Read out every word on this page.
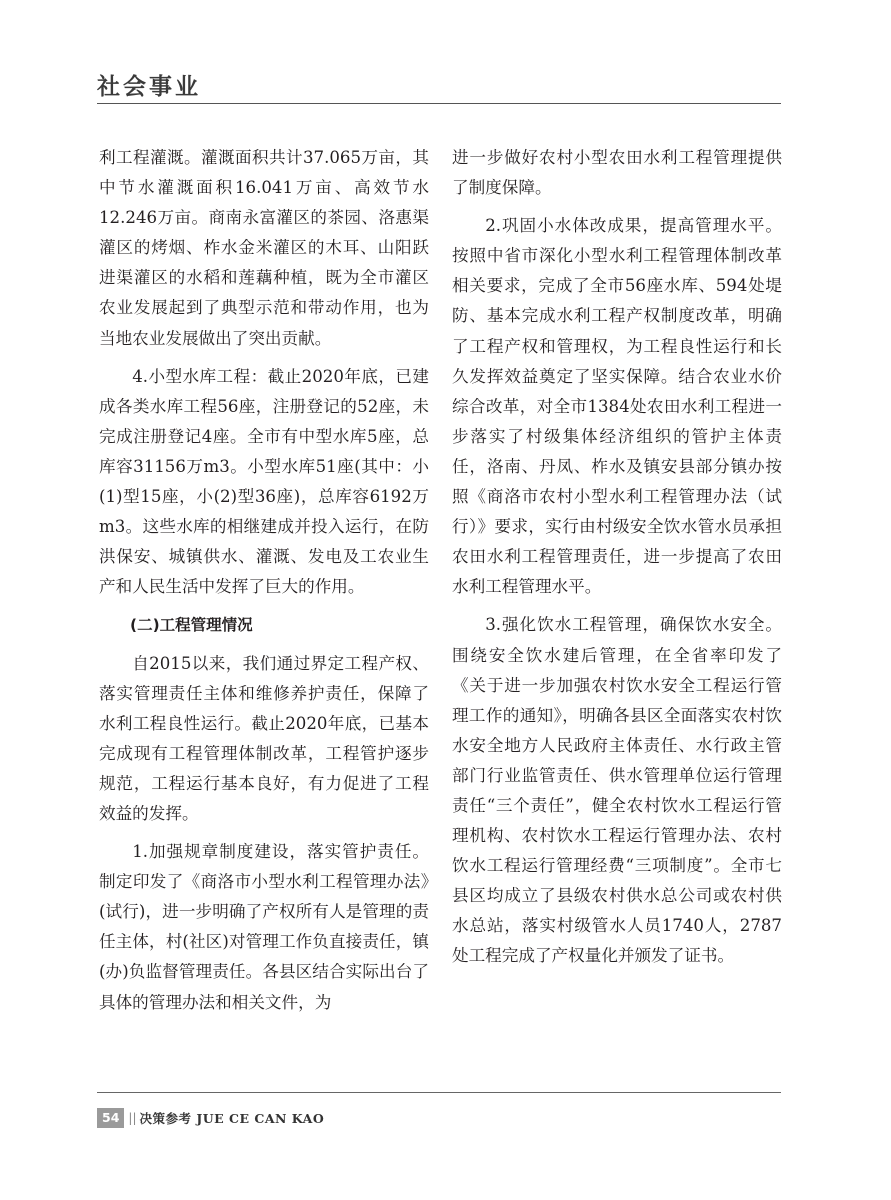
社会事业

利工程灌溉。灌溉面积共计37.065万亩，其中节水灌溉面积16.041万亩、高效节水12.246万亩。商南永富灌区的茶园、洛惠渠灌区的烤烟、柞水金米灌区的木耳、山阳跃进渠灌区的水稻和莲藕种植，既为全市灌区农业发展起到了典型示范和带动作用，也为当地农业发展做出了突出贡献。

4.小型水库工程：截止2020年底，已建成各类水库工程56座，注册登记的52座，未完成注册登记4座。全市有中型水库5座，总库容31156万m3。小型水库51座(其中：小(1)型15座，小(2)型36座)，总库容6192万m3。这些水库的相继建成并投入运行，在防洪保安、城镇供水、灌溉、发电及工农业生产和人民生活中发挥了巨大的作用。

(二)工程管理情况

自2015以来，我们通过界定工程产权、落实管理责任主体和维修养护责任，保障了水利工程良性运行。截止2020年底，已基本完成现有工程管理体制改革，工程管护逐步规范，工程运行基本良好，有力促进了工程效益的发挥。

1.加强规章制度建设，落实管护责任。制定印发了《商洛市小型水利工程管理办法》(试行)，进一步明确了产权所有人是管理的责任主体，村(社区)对管理工作负直接责任，镇(办)负监督管理责任。各县区结合实际出台了具体的管理办法和相关文件，为

进一步做好农村小型农田水利工程管理提供了制度保障。

2.巩固小水体改成果，提高管理水平。按照中省市深化小型水利工程管理体制改革相关要求，完成了全市56座水库、594处堤防、基本完成水利工程产权制度改革，明确了工程产权和管理权，为工程良性运行和长久发挥效益奠定了坚实保障。结合农业水价综合改革，对全市1384处农田水利工程进一步落实了村级集体经济组织的管护主体责任，洛南、丹凤、柞水及镇安县部分镇办按照《商洛市农村小型水利工程管理办法（试行）》要求，实行由村级安全饮水管水员承担农田水利工程管理责任，进一步提高了农田水利工程管理水平。

3.强化饮水工程管理，确保饮水安全。围绕安全饮水建后管理，在全省率印发了《关于进一步加强农村饮水安全工程运行管理工作的通知》，明确各县区全面落实农村饮水安全地方人民政府主体责任、水行政主管部门行业监管责任、供水管理单位运行管理责任“三个责任”，健全农村饮水工程运行管理机构、农村饮水工程运行管理办法、农村饮水工程运行管理经费“三项制度”。全市七县区均成立了县级农村供水总公司或农村供水总站，落实村级管水人员1740人，2787处工程完成了产权量化并颁发了证书。

54 || 决策参考 JUE CE CAN KAO
